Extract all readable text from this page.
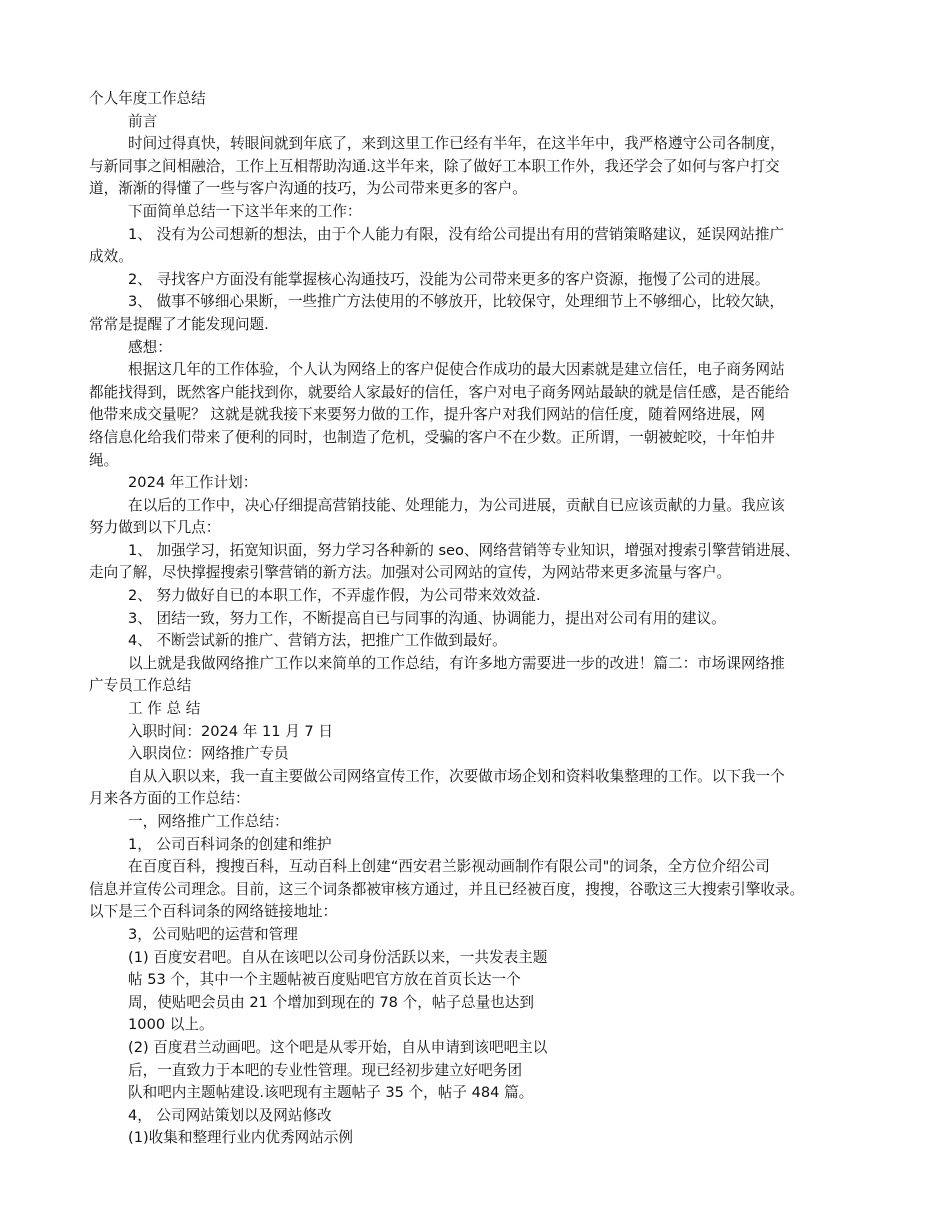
个人年度工作总结
前言
时间过得真快，转眼间就到年底了，来到这里工作已经有半年，在这半年中，我严格遵守公司各制度，
与新同事之间相融洽，工作上互相帮助沟通.这半年来，除了做好工本职工作外，我还学会了如何与客户打交
道，渐渐的得懂了一些与客户沟通的技巧，为公司带来更多的客户。
下面简单总结一下这半年来的工作：
1、 没有为公司想新的想法，由于个人能力有限，没有给公司提出有用的营销策略建议，延误网站推广
成效。
2、 寻找客户方面没有能掌握核心沟通技巧，没能为公司带来更多的客户资源，拖慢了公司的进展。
3、 做事不够细心果断，一些推广方法使用的不够放开，比较保守，处理细节上不够细心，比较欠缺，
常常是提醒了才能发现问题.
感想：
根据这几年的工作体验，个人认为网络上的客户促使合作成功的最大因素就是建立信任，电子商务网站
都能找得到，既然客户能找到你，就要给人家最好的信任，客户对电子商务网站最缺的就是信任感，是否能给
他带来成交量呢？ 这就是就我接下来要努力做的工作，提升客户对我们网站的信任度，随着网络进展，网
络信息化给我们带来了便利的同时，也制造了危机，受骗的客户不在少数。正所谓，一朝被蛇咬，十年怕井
绳。
2024 年工作计划：
在以后的工作中，决心仔细提高营销技能、处理能力，为公司进展，贡献自已应该贡献的力量。我应该
努力做到以下几点：
1、 加强学习，拓宽知识面，努力学习各种新的 seo、网络营销等专业知识，增强对搜索引擎营销进展、
走向了解，尽快撑握搜索引擎营销的新方法。加强对公司网站的宣传，为网站带来更多流量与客户。
2、 努力做好自已的本职工作，不弄虚作假，为公司带来效效益.
3、 团结一致，努力工作，不断提高自已与同事的沟通、协调能力，提出对公司有用的建议。
4、 不断尝试新的推广、营销方法，把推广工作做到最好。
以上就是我做网络推广工作以来简单的工作总结，有许多地方需要进一步的改进！篇二：市场课网络推
广专员工作总结
工 作 总 结
入职时间：2024 年 11 月 7 日
入职岗位：网络推广专员
自从入职以来，我一直主要做公司网络宣传工作，次要做市场企划和资料收集整理的工作。以下我一个
月来各方面的工作总结：
一，网络推广工作总结：
1， 公司百科词条的创建和维护
在百度百科，搜搜百科，互动百科上创建“西安君兰影视动画制作有限公司"的词条，全方位介绍公司
信息并宣传公司理念。目前，这三个词条都被审核方通过，并且已经被百度，搜搜，谷歌这三大搜索引擎收录。
以下是三个百科词条的网络链接地址：
3，公司贴吧的运营和管理
(1) 百度安君吧。自从在该吧以公司身份活跃以来，一共发表主题
帖 53 个，其中一个主题帖被百度贴吧官方放在首页长达一个
周，使贴吧会员由 21 个增加到现在的 78 个，帖子总量也达到
1000 以上。
(2) 百度君兰动画吧。这个吧是从零开始，自从申请到该吧吧主以
后，一直致力于本吧的专业性管理。现已经初步建立好吧务团
队和吧内主题帖建设.该吧现有主题帖子 35 个，帖子 484 篇。
4， 公司网站策划以及网站修改
(1)收集和整理行业内优秀网站示例
